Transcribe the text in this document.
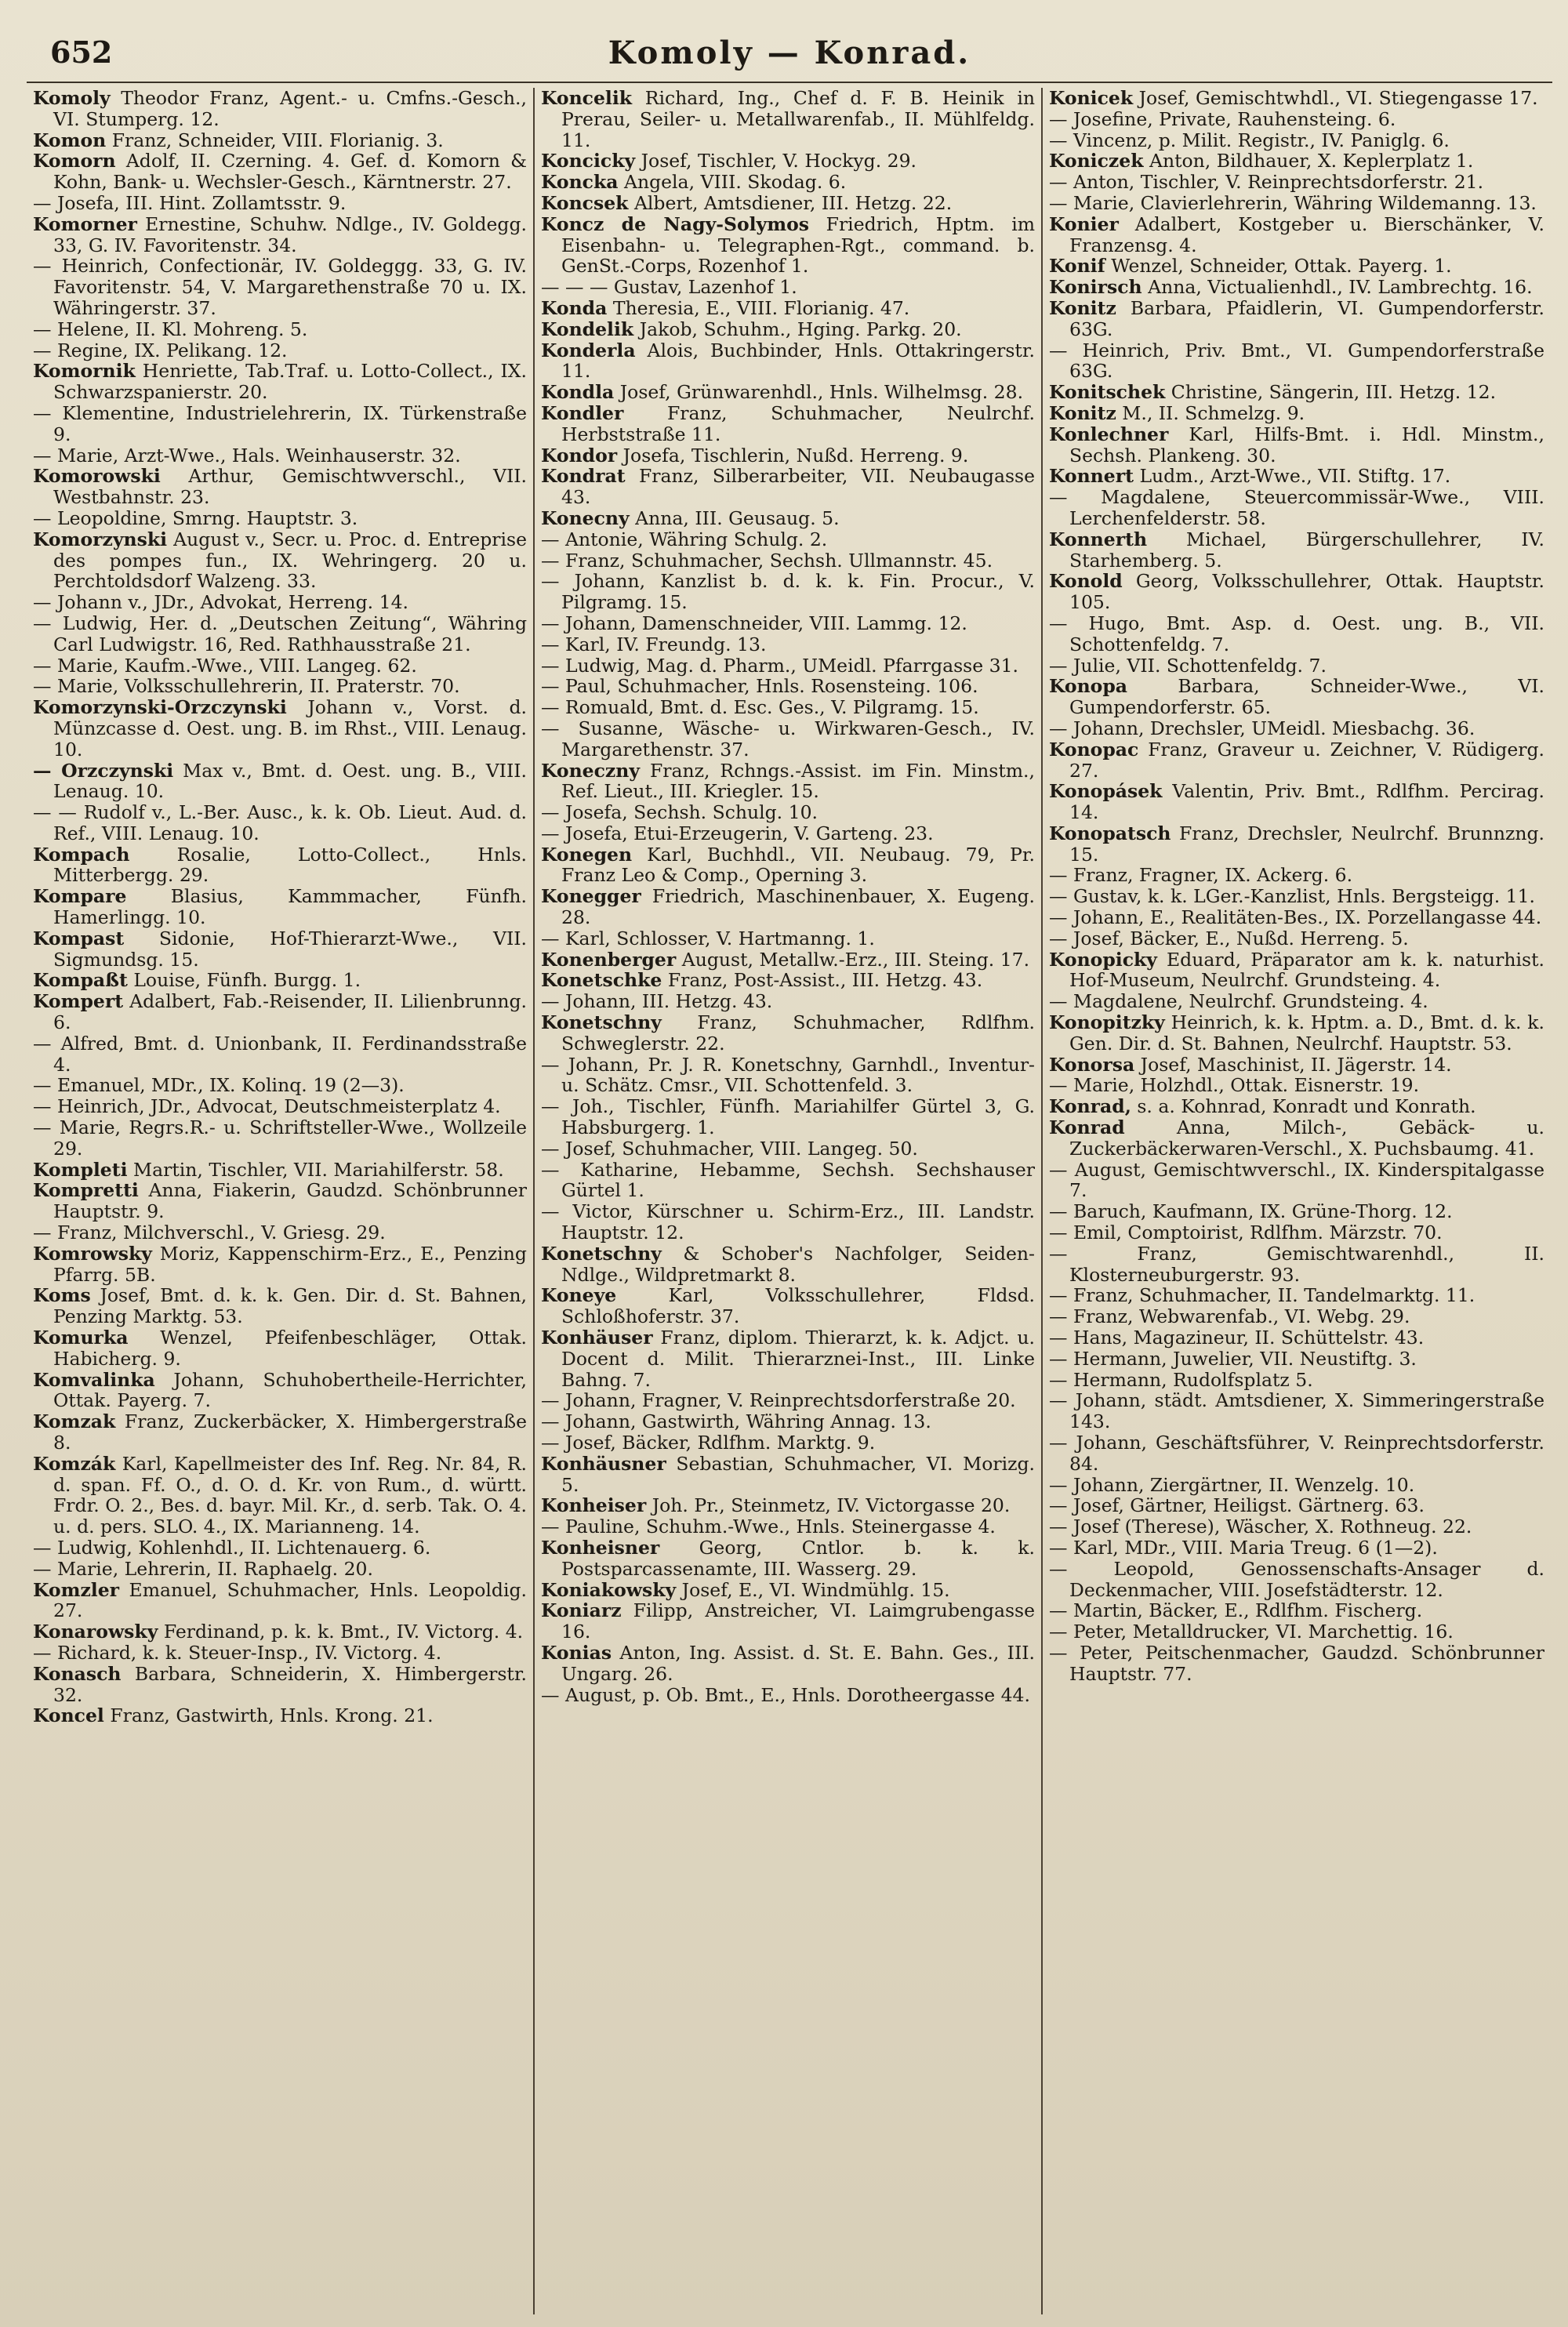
652	Komoly — Konrad.
Komoly Theodor Franz, Agent.- u. Cmfns.-Gesch., VI. Stumperg. 12.
Komon Franz, Schneider, VIII. Florianig. 3.
Komorn Adolf, II. Czerning. 4. Gef. d. Komorn & Kohn, Bank- u. Wechsler-Gesch., Kärntnerstr. 27.
— Josefa, III. Hint. Zollamtsstr. 9.
Komorner Ernestine, Schuhw. Ndlge., IV. Goldegg. 33, G. IV. Favoritenstr. 34.
— Heinrich, Confectionär, IV. Goldeggg. 33, G. IV. Favoritenstr. 54, V. Margarethenstraße 70 u. IX. Währingerstr. 37.
— Helene, II. Kl. Mohreng. 5.
— Regine, IX. Pelikang. 12.
Komornik Henriette, Tab.Traf. u. Lotto-Collect., IX. Schwarzspanierstr. 20.
— Klementine, Industrielehrerin, IX. Türkenstraße 9.
— Marie, Arzt-Wwe., Hals. Weinhauserstr. 32.
Komorowski Arthur, Gemischtwverschl., VII. Westbahnstr. 23.
— Leopoldine, Smrng. Hauptstr. 3.
Komorzynski August v., Secr. u. Proc. d. Entreprise des pompes fun., IX. Wehringerg. 20 u. Perchtoldsdorf Walzeng. 33.
— Johann v., JDr., Advokat, Herreng. 14.
— Ludwig, Her. d. „Deutschen Zeitung“, Währing Carl Ludwigstr. 16, Red. Rathhausstraße 21.
— Marie, Kaufm.-Wwe., VIII. Langeg. 62.
— Marie, Volksschullehrerin, II. Praterstr. 70.
Komorzynski-Orzczynski Johann v., Vorst. d. Münzcasse d. Oest. ung. B. im Rhst., VIII. Lenaug. 10.
— Orzczynski Max v., Bmt. d. Oest. ung. B., VIII. Lenaug. 10.
— — Rudolf v., L.-Ber. Ausc., k. k. Ob. Lieut. Aud. d. Ref., VIII. Lenaug. 10.
Kompach	Rosalie, Lotto-Collect., Hnls. Mitterbergg. 29.
Kompare Blasius, Kammmacher, Fünfh. Hamerlingg. 10.
Kompast Sidonie, Hof-Thierarzt-Wwe., VII. Sigmundsg. 15.
Kompaßt Louise, Fünfh. Burgg. 1.
Kompert Adalbert, Fab.-Reisender, II. Lilienbrunng. 6.
— Alfred, Bmt. d. Unionbank, II. Ferdinandsstraße 4.
— Emanuel, MDr., IX. Kolinq. 19 (2—3).
— Heinrich, JDr., Advocat, Deutschmeisterplatz 4.
— Marie, Regrs.R.- u. Schriftsteller-Wwe., Wollzeile 29.
Kompleti Martin, Tischler, VII. Mariahilferstr. 58.
Kompretti Anna, Fiakerin, Gaudzd. Schönbrunner Hauptstr. 9.
— Franz, Milchverschl., V. Griesg. 29.
Komrowsky Moriz, Kappenschirm-Erz., E., Penzing Pfarrg. 5B.
Koms Josef, Bmt. d. k. k. Gen. Dir. d. St. Bahnen, Penzing Marktg. 53.
Komurka Wenzel, Pfeifenbeschläger, Ottak. Habicherg. 9.
Komvalinka Johann, Schuhobertheile-Herrichter, Ottak. Payerg. 7.
Komzak Franz, Zuckerbäcker, X. Himbergerstraße 8.
Komzák Karl, Kapellmeister des Inf. Reg. Nr. 84, R. d. span. Ff. O., d. O. d. Kr. von Rum., d. württ. Frdr. O. 2., Bes. d. bayr. Mil. Kr., d. serb. Tak. O. 4. u. d. pers. SLO. 4., IX. Marianneng. 14.
— Ludwig, Kohlenhdl., II. Lichtenauerg. 6.
— Marie, Lehrerin, II. Raphaelg. 20.
Komzler Emanuel, Schuhmacher, Hnls. Leopoldig. 27.
Konarowsky Ferdinand, p. k. k. Bmt., IV. Victorg. 4.
— Richard, k. k. Steuer-Insp., IV. Victorg. 4.
Konasch Barbara, Schneiderin, X. Himbergerstr. 32.
Koncel Franz, Gastwirth, Hnls. Krong. 21.
Koncelik Richard, Ing., Chef d. F. B. Heinik in Prerau, Seiler- u. Metallwarenfab., II. Mühlfeldg. 11.
Koncicky Josef, Tischler, V. Hockyg. 29.
Koncka Angela, VIII. Skodag. 6.
Koncsek Albert, Amtsdiener, III. Hetzg. 22.
Koncz de Nagy-Solymos Friedrich, Hptm. im Eisenbahn- u. Telegraphen-Rgt., command. b. GenSt.-Corps, Rozenhof 1.
— — — Gustav, Lazenhof 1.
Konda Theresia, E., VIII. Florianig. 47.
Kondelik Jakob, Schuhm., Hging. Parkg. 20.
Konderla Alois, Buchbinder, Hnls. Ottakringerstr. 11.
Kondla Josef, Grünwarenhdl., Hnls. Wilhelmsg. 28.
Kondler Franz, Schuhmacher, Neulrchf. Herbststraße 11.
Kondor Josefa, Tischlerin, Nußd. Herreng. 9.
Kondrat Franz, Silberarbeiter, VII. Neubaugasse 43.
Konecny Anna, III. Geusaug. 5.
— Antonie, Währing Schulg. 2.
— Franz, Schuhmacher, Sechsh. Ullmannstr. 45.
— Johann, Kanzlist b. d. k. k. Fin. Procur., V. Pilgramg. 15.
— Johann, Damenschneider, VIII. Lammg. 12.
— Karl, IV. Freundg. 13.
— Ludwig, Mag. d. Pharm., UMeidl. Pfarrgasse 31.
— Paul, Schuhmacher, Hnls. Rosensteing. 106.
— Romuald, Bmt. d. Esc. Ges., V. Pilgramg. 15.
— Susanne, Wäsche- u. Wirkwaren-Gesch., IV. Margarethenstr. 37.
Koneczny Franz, Rchngs.-Assist. im Fin. Minstm., Ref. Lieut., III. Kriegler. 15.
— Josefa, Sechsh. Schulg. 10.
— Josefa, Etui-Erzeugerin, V. Garteng. 23.
Konegen Karl, Buchhdl., VII. Neubaug. 79, Pr. Franz Leo & Comp., Operning 3.
Konegger Friedrich, Maschinenbauer, X. Eugeng. 28.
— Karl, Schlosser, V. Hartmanng. 1.
Konenberger August, Metallw.-Erz., III. Steing. 17.
Konetschke Franz, Post-Assist., III. Hetzg. 43.
— Johann, III. Hetzg. 43.
Konetschny Franz, Schuhmacher, Rdlfhm. Schweglerstr. 22.
— Johann, Pr. J. R. Konetschny, Garnhdl., Inventur- u. Schätz. Cmsr., VII. Schottenfeld. 3.
— Joh., Tischler, Fünfh. Mariahilfer Gürtel 3, G. Habsburgerg. 1.
— Josef, Schuhmacher, VIII. Langeg. 50.
— Katharine, Hebamme, Sechsh. Sechshauser Gürtel 1.
— Victor, Kürschner u. Schirm-Erz., III. Landstr. Hauptstr. 12.
Konetschny & Schober's Nachfolger, Seiden-Ndlge., Wildpretmarkt 8.
Koneye	Karl, Volksschullehrer, Fldsd. Schloßhoferstr. 37.
Konhäuser Franz, diplom. Thierarzt, k. k. Adjct. u. Docent d. Milit. Thierarznei-Inst., III. Linke Bahng. 7.
— Johann, Fragner, V. Reinprechtsdorferstraße 20.
— Johann, Gastwirth, Währing Annag. 13.
— Josef, Bäcker, Rdlfhm. Marktg. 9.
Konhäusner Sebastian, Schuhmacher, VI. Morizg. 5.
Konheiser Joh. Pr., Steinmetz, IV. Victorgasse 20.
— Pauline, Schuhm.-Wwe., Hnls. Steinergasse 4.
Konheisner Georg, Cntlor. b. k. k. Postsparcassenamte, III. Wasserg. 29.
Koniakowsky Josef, E., VI. Windmühlg. 15.
Koniarz Filipp, Anstreicher, VI. Laimgrubengasse 16.
Konias Anton, Ing. Assist. d. St. E. Bahn. Ges., III. Ungarg. 26.
— August, p. Ob. Bmt., E., Hnls. Dorotheergasse 44.
Konicek Josef, Gemischtwhdl., VI. Stiegengasse 17.
— Josefine, Private, Rauhensteing. 6.
— Vincenz, p. Milit. Registr., IV. Paniglg. 6.
Koniczek Anton, Bildhauer, X. Keplerplatz 1.
— Anton, Tischler, V. Reinprechtsdorferstr. 21.
— Marie, Clavierlehrerin, Währing Wildemanng. 13.
Konier Adalbert, Kostgeber u. Bierschänker, V. Franzensg. 4.
Konif Wenzel, Schneider, Ottak. Payerg. 1.
Konirsch Anna, Victualienhdl., IV. Lambrechtg. 16.
Konitz Barbara, Pfaidlerin, VI. Gumpendorferstr. 63G.
— Heinrich, Priv. Bmt., VI. Gumpendorferstraße 63G.
Konitschek Christine, Sängerin, III. Hetzg. 12.
Konitz M., II. Schmelzg. 9.
Konlechner Karl, Hilfs-Bmt. i. Hdl. Minstm., Sechsh. Plankeng. 30.
Konnert Ludm., Arzt-Wwe., VII. Stiftg. 17.
— Magdalene, Steuercommissär-Wwe., VIII. Lerchenfelderstr. 58.
Konnerth Michael, Bürgerschullehrer, IV. Starhemberg. 5.
Konold Georg, Volksschullehrer, Ottak. Hauptstr. 105.
— Hugo, Bmt. Asp. d. Oest. ung. B., VII. Schottenfeldg. 7.
— Julie, VII. Schottenfeldg. 7.
Konopa	Barbara, Schneider-Wwe., VI. Gumpendorferstr. 65.
— Johann, Drechsler, UMeidl. Miesbachg. 36.
Konopac Franz, Graveur u. Zeichner, V. Rüdigerg. 27.
Konopásek Valentin, Priv. Bmt., Rdlfhm. Percirag. 14.
Konopatsch Franz, Drechsler, Neulrchf. Brunnzng. 15.
— Franz, Fragner, IX. Ackerg. 6.
— Gustav, k. k. LGer.-Kanzlist, Hnls. Bergsteigg. 11.
— Johann, E., Realitäten-Bes., IX. Porzellangasse 44.
— Josef, Bäcker, E., Nußd. Herreng. 5.
Konopicky Eduard, Präparator am k. k. naturhist. Hof-Museum, Neulrchf. Grundsteing. 4.
— Magdalene, Neulrchf. Grundsteing. 4.
Konopitzky Heinrich, k. k. Hptm. a. D., Bmt. d. k. k. Gen. Dir. d. St. Bahnen, Neulrchf. Hauptstr. 53.
Konorsa Josef, Maschinist, II. Jägerstr. 14.
— Marie, Holzhdl., Ottak. Eisnerstr. 19.
Konrad, s. a. Kohnrad, Konradt und Konrath.
Konrad	Anna, Milch-, Gebäck- u. Zuckerbäckerwaren-Verschl., X. Puchsbaumg. 41.
— August, Gemischtwverschl., IX. Kinderspitalgasse 7.
— Baruch, Kaufmann, IX. Grüne-Thorg. 12.
— Emil, Comptoirist, Rdlfhm. Märzstr. 70.
— Franz, Gemischtwarenhdl., II. Klosterneuburgerstr. 93.
— Franz, Schuhmacher, II. Tandelmarktg. 11.
— Franz, Webwarenfab., VI. Webg. 29.
— Hans, Magazineur, II. Schüttelstr. 43.
— Hermann, Juwelier, VII. Neustiftg. 3.
— Hermann, Rudolfsplatz 5.
— Johann, städt. Amtsdiener, X. Simmeringerstraße 143.
— Johann, Geschäftsführer, V. Reinprechtsdorferstr. 84.
— Johann, Ziergärtner, II. Wenzelg. 10.
— Josef, Gärtner, Heiligst. Gärtnerg. 63.
— Josef (Therese), Wäscher, X. Rothneug. 22.
— Karl, MDr., VIII. Maria Treug. 6 (1—2).
— Leopold, Genossenschafts-Ansager d. Deckenmacher, VIII. Josefstädterstr. 12.
— Martin, Bäcker, E., Rdlfhm. Fischerg.
— Peter, Metalldrucker, VI. Marchettig. 16.
— Peter, Peitschenmacher, Gaudzd. Schönbrunner Hauptstr. 77.
